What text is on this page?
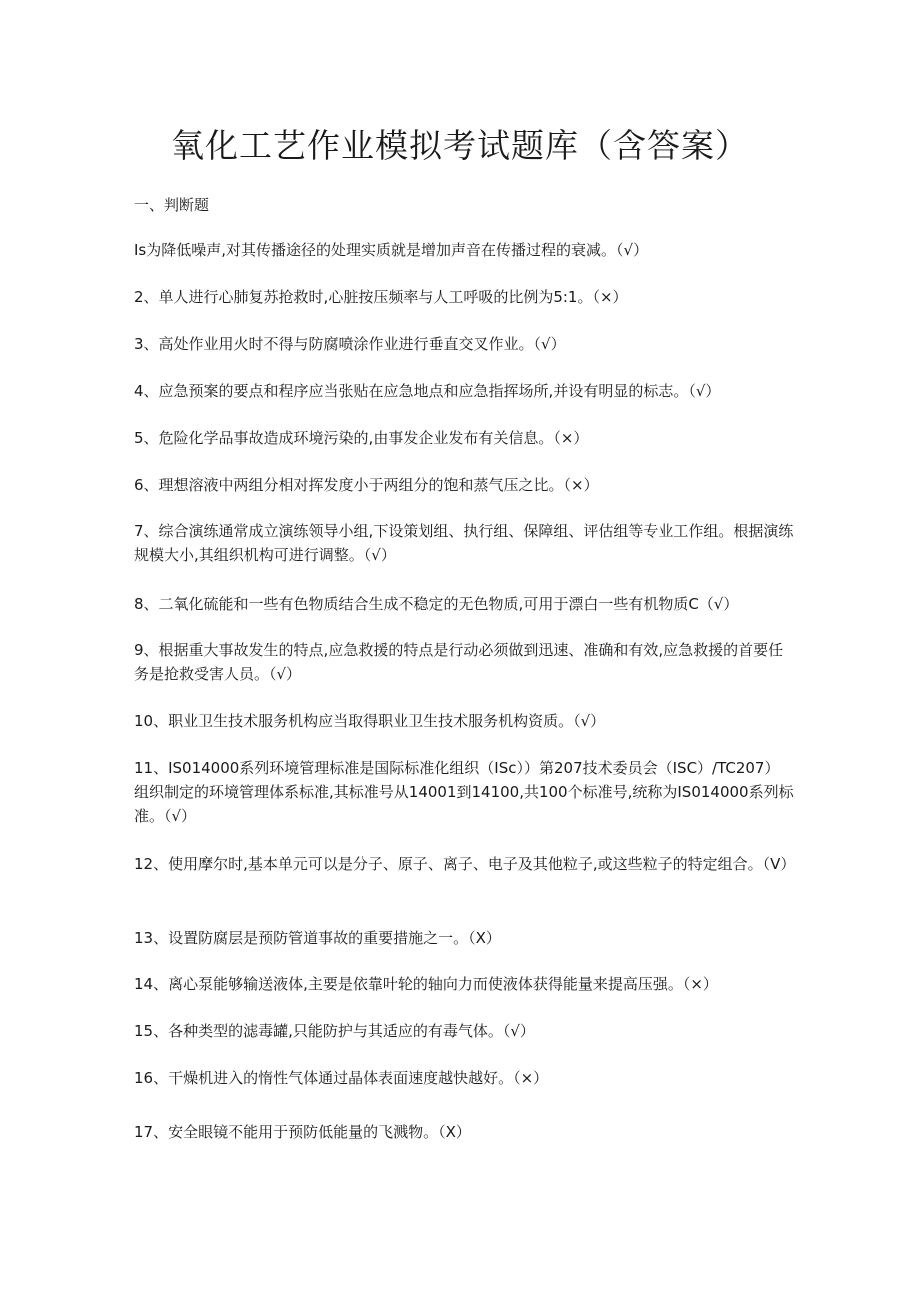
氧化工艺作业模拟考试题库（含答案）
一、判断题

Is为降低噪声,对其传播途径的处理实质就是增加声音在传播过程的衰减。（√）

2、单人进行心肺复苏抢救时,心脏按压频率与人工呼吸的比例为5:1。（×）

3、高处作业用火时不得与防腐喷涂作业进行垂直交叉作业。（√）

4、应急预案的要点和程序应当张贴在应急地点和应急指挥场所,并设有明显的标志。（√）

5、危险化学品事故造成环境污染的,由事发企业发布有关信息。（×）

6、理想溶液中两组分相对挥发度小于两组分的饱和蒸气压之比。（×）

7、综合演练通常成立演练领导小组,下设策划组、执行组、保障组、评估组等专业工作组。根据演练规模大小,其组织机构可进行调整。（√）

8、二氧化硫能和一些有色物质结合生成不稳定的无色物质,可用于漂白一些有机物质C（√）

9、根据重大事故发生的特点,应急救援的特点是行动必须做到迅速、准确和有效,应急救援的首要任务是抢救受害人员。（√）

10、职业卫生技术服务机构应当取得职业卫生技术服务机构资质。（√）

11、IS014000系列环境管理标准是国际标准化组织（ISc））第207技术委员会（ISC）/TC207）组织制定的环境管理体系标准,其标准号从14001到14100,共100个标准号,统称为IS014000系列标准。（√）

12、使用摩尔时,基本单元可以是分子、原子、离子、电子及其他粒子,或这些粒子的特定组合。（V）

13、设置防腐层是预防管道事故的重要措施之一。（X）

14、离心泵能够输送液体,主要是依靠叶轮的轴向力而使液体获得能量来提高压强。（×）

15、各种类型的滤毒罐,只能防护与其适应的有毒气体。（√）

16、干燥机进入的惰性气体通过晶体表面速度越快越好。（×）

17、安全眼镜不能用于预防低能量的飞溅物。（X）
